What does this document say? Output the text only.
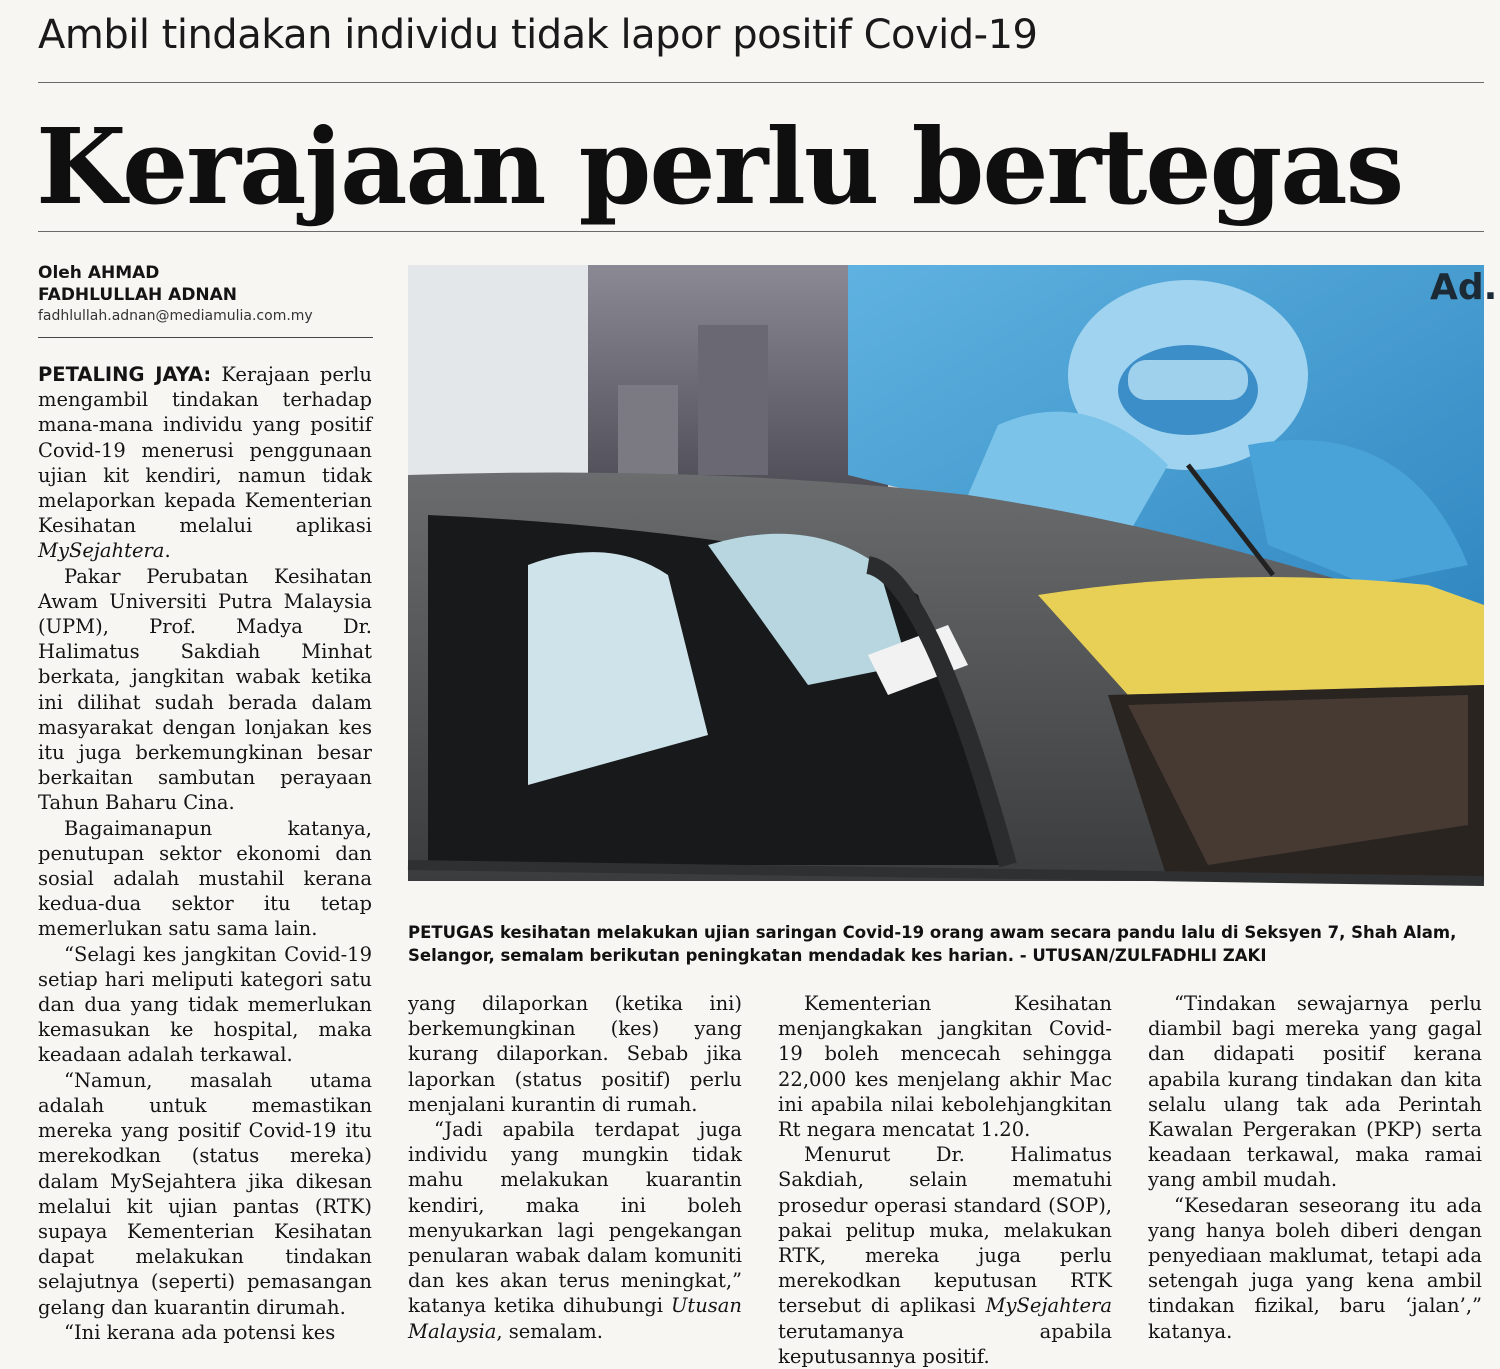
Ambil tindakan individu tidak lapor positif Covid-19
Kerajaan perlu bertegas
Oleh AHMAD
FADHLULLAH ADNAN
fadhlullah.adnan@mediamulia.com.my

PETALING JAYA: Kerajaan perlu mengambil tindakan terhadap mana-mana individu yang positif Covid-19 menerusi penggunaan ujian kit kendiri, namun tidak melaporkan kepada Kementerian Kesihatan melalui aplikasi MySejahtera.

Pakar Perubatan Kesihatan Awam Universiti Putra Malaysia (UPM), Prof. Madya Dr. Halimatus Sakdiah Minhat berkata, jangkitan wabak ketika ini dilihat sudah berada dalam masyarakat dengan lonjakan kes itu juga berkemungkinan besar berkaitan sambutan perayaan Tahun Baharu Cina.

Bagaimanapun katanya, penutupan sektor ekonomi dan sosial adalah mustahil kerana kedua-dua sektor itu tetap memerlukan satu sama lain.

“Selagi kes jangkitan Covid-19 setiap hari meliputi kategori satu dan dua yang tidak memerlukan kemasukan ke hospital, maka keadaan adalah terkawal.

“Namun, masalah utama adalah untuk memastikan mereka yang positif Covid-19 itu merekodkan (status mereka) dalam MySejahtera jika dikesan melalui kit ujian pantas (RTK) supaya Kementerian Kesihatan dapat melakukan tindakan selajutnya (seperti) pemasangan gelang dan kuarantin dirumah.

“Ini kerana ada potensi kes

Ad.
PETUGAS kesihatan melakukan ujian saringan Covid-19 orang awam secara pandu lalu di Seksyen 7, Shah Alam, Selangor, semalam berikutan peningkatan mendadak kes harian. - UTUSAN/ZULFADHLI ZAKI

yang dilaporkan (ketika ini) berkemungkinan (kes) yang kurang dilaporkan. Sebab jika laporkan (status positif) perlu menjalani kurantin di rumah.

“Jadi apabila terdapat juga individu yang mungkin tidak mahu melakukan kuarantin kendiri, maka ini boleh menyukarkan lagi pengekangan penularan wabak dalam komuniti dan kes akan terus meningkat,” katanya ketika dihubungi Utusan Malaysia, semalam.

Kementerian Kesihatan menjangkakan jangkitan Covid-19 boleh mencecah sehingga 22,000 kes menjelang akhir Mac ini apabila nilai kebolehjangkitan Rt negara mencatat 1.20.

Menurut Dr. Halimatus Sakdiah, selain mematuhi prosedur operasi standard (SOP), pakai pelitup muka, melakukan RTK, mereka juga perlu merekodkan keputusan RTK tersebut di aplikasi MySejahtera terutamanya apabila keputusannya positif.

“Tindakan sewajarnya perlu diambil bagi mereka yang gagal dan didapati positif kerana apabila kurang tindakan dan kita selalu ulang tak ada Perintah Kawalan Pergerakan (PKP) serta keadaan terkawal, maka ramai yang ambil mudah.

“Kesedaran seseorang itu ada yang hanya boleh diberi dengan penyediaan maklumat, tetapi ada setengah juga yang kena ambil tindakan fizikal, baru ‘jalan’,” katanya.
